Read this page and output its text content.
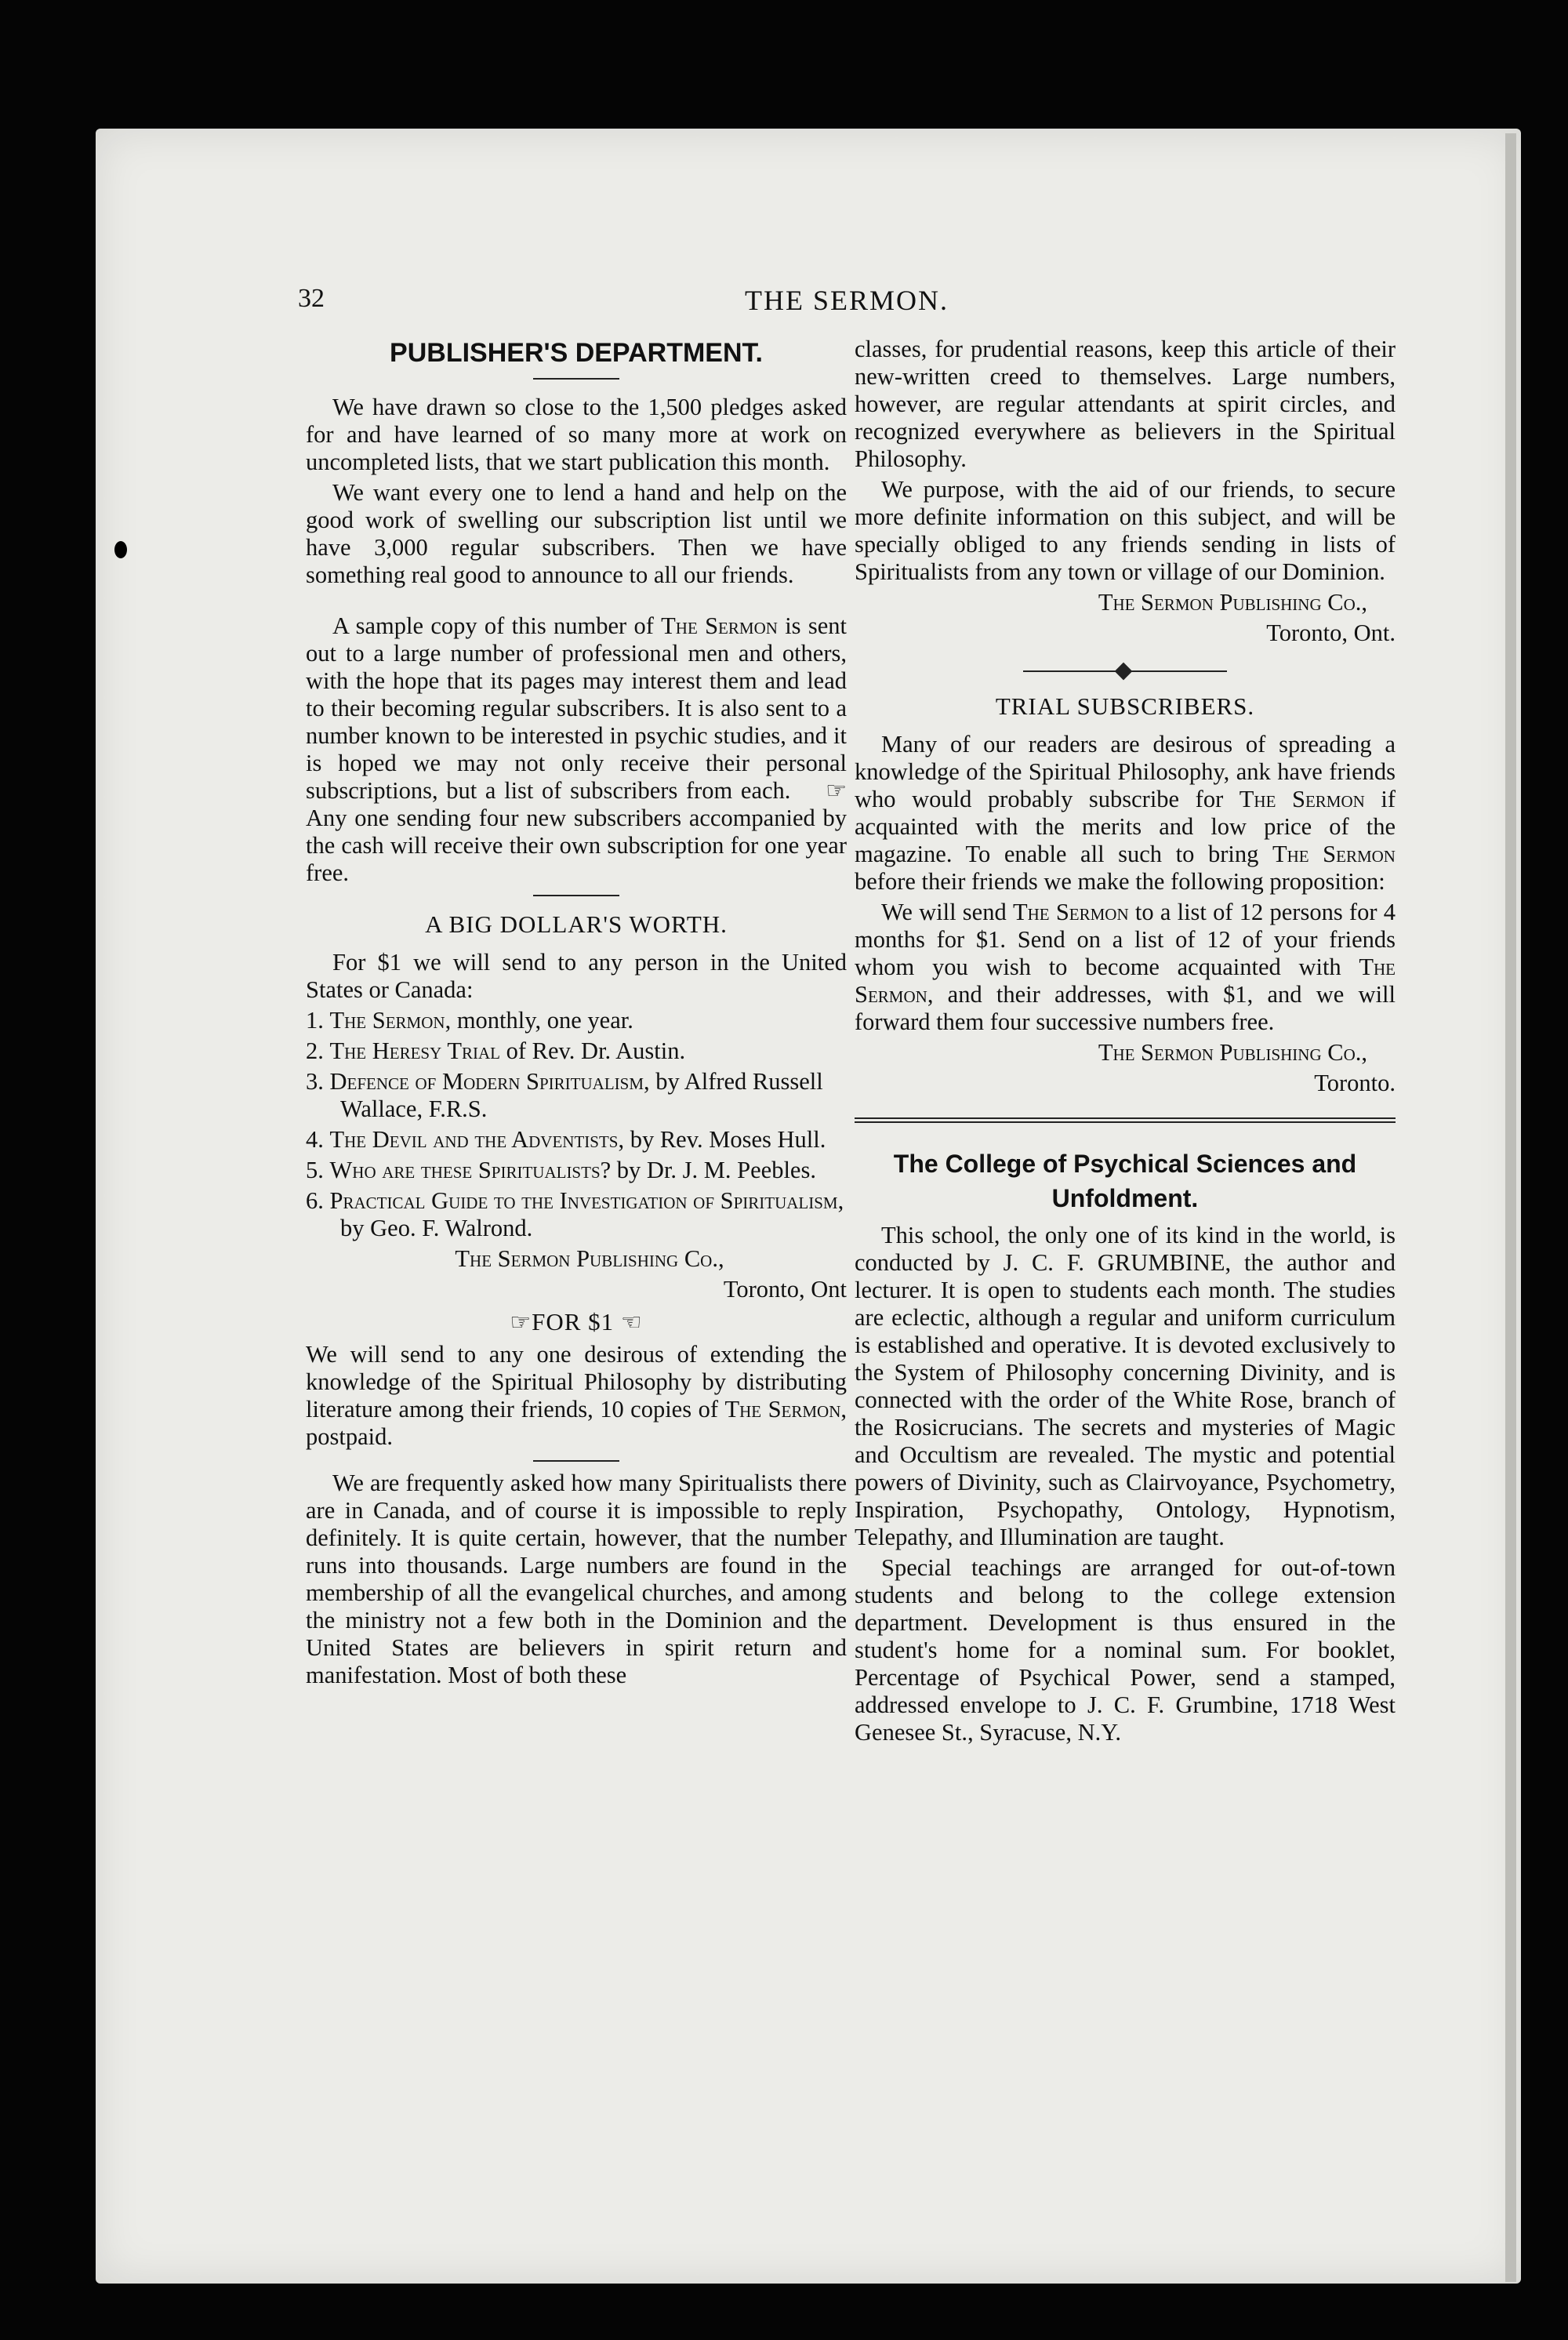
32	THE SERMON.

PUBLISHER'S DEPARTMENT.

We have drawn so close to the 1,500 pledges asked for and have learned of so many more at work on uncompleted lists, that we start publication this month.

We want every one to lend a hand and help on the good work of swelling our subscription list until we have 3,000 regular subscribers. Then we have something real good to announce to all our friends.

A sample copy of this number of The Sermon is sent out to a large number of professional men and others, with the hope that its pages may interest them and lead to their becoming regular subscribers. It is also sent to a number known to be interested in psychic studies, and it is hoped we may not only receive their personal subscriptions, but a list of subscribers from each. ☞ Any one sending four new subscribers accompanied by the cash will receive their own subscription for one year free.

A BIG DOLLAR'S WORTH.

For $1 we will send to any person in the United States or Canada:

1. The Sermon, monthly, one year.
2. The Heresy Trial of Rev. Dr. Austin.
3. Defence of Modern Spiritualism, by Alfred Russell Wallace, F.R.S.
4. The Devil and the Adventists, by Rev. Moses Hull.
5. Who are these Spiritualists? by Dr. J. M. Peebles.
6. Practical Guide to the Investigation of Spiritualism, by Geo. F. Walrond.

The Sermon Publishing Co.,

Toronto, Ont

☞FOR $1 ☜

We will send to any one desirous of extending the knowledge of the Spiritual Philosophy by distributing literature among their friends, 10 copies of The Sermon, postpaid.

We are frequently asked how many Spiritualists there are in Canada, and of course it is impossible to reply definitely. It is quite certain, however, that the number runs into thousands. Large numbers are found in the membership of all the evangelical churches, and among the ministry not a few both in the Dominion and the United States are believers in spirit return and manifestation. Most of both these

classes, for prudential reasons, keep this article of their new-written creed to themselves. Large numbers, however, are regular attendants at spirit circles, and recognized everywhere as believers in the Spiritual Philosophy.

We purpose, with the aid of our friends, to secure more definite information on this subject, and will be specially obliged to any friends sending in lists of Spiritualists from any town or village of our Dominion.

The Sermon Publishing Co.,

Toronto, Ont.

TRIAL SUBSCRIBERS.

Many of our readers are desirous of spreading a knowledge of the Spiritual Philosophy, ank have friends who would probably subscribe for The Sermon if acquainted with the merits and low price of the magazine. To enable all such to bring The Sermon before their friends we make the following proposition:

We will send The Sermon to a list of 12 persons for 4 months for $1. Send on a list of 12 of your friends whom you wish to become acquainted with The Sermon, and their addresses, with $1, and we will forward them four successive numbers free.

The Sermon Publishing Co.,

Toronto.

The College of Psychical Sciences and Unfoldment.

This school, the only one of its kind in the world, is conducted by J. C. F. GRUMBINE, the author and lecturer. It is open to students each month. The studies are eclectic, although a regular and uniform curriculum is established and operative. It is devoted exclusively to the System of Philosophy concerning Divinity, and is connected with the order of the White Rose, branch of the Rosicrucians. The secrets and mysteries of Magic and Occultism are revealed. The mystic and potential powers of Divinity, such as Clairvoyance, Psychometry, Inspiration, Psychopathy, Ontology, Hypnotism, Telepathy, and Illumination are taught.

Special teachings are arranged for out-of-town students and belong to the college extension department. Development is thus ensured in the student's home for a nominal sum. For booklet, Percentage of Psychical Power, send a stamped, addressed envelope to J. C. F. Grumbine, 1718 West Genesee St., Syracuse, N.Y.
